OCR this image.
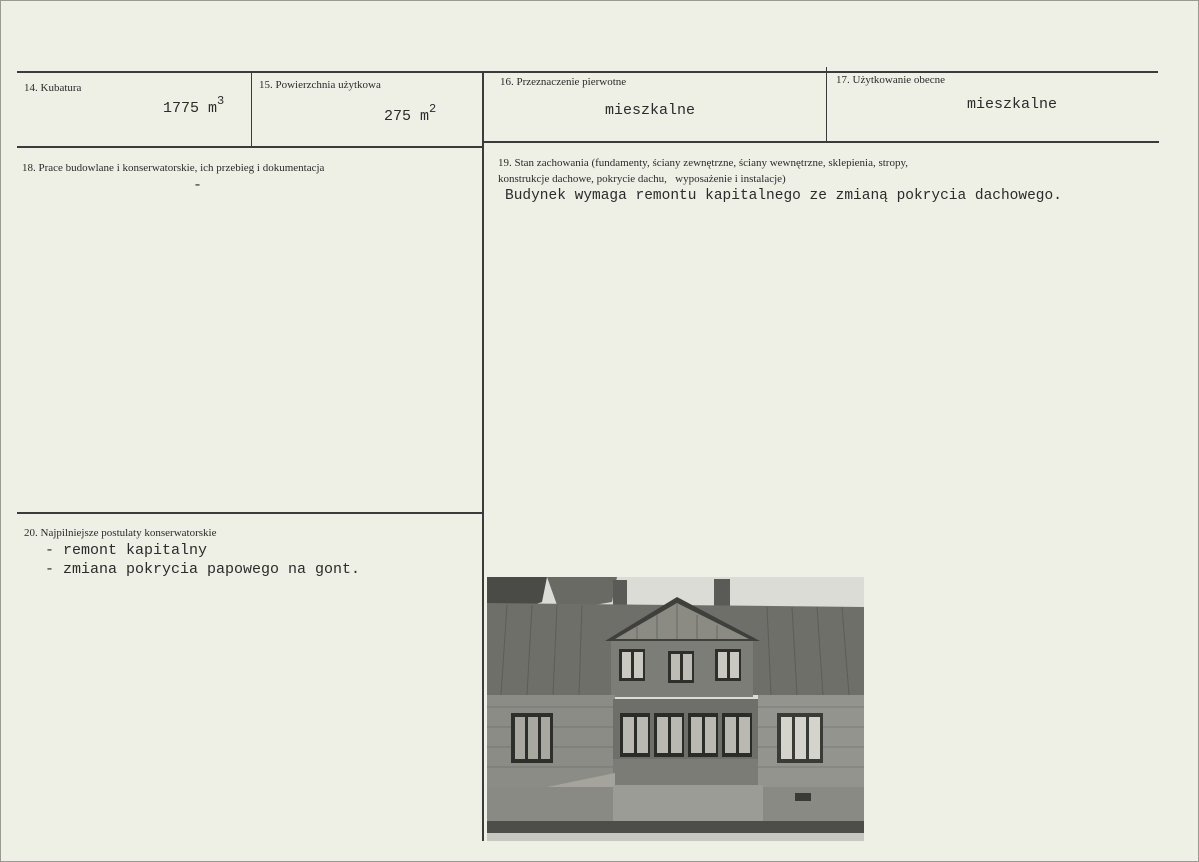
14. Kubatura
1775 $m^3$
15. Powierzchnia użytkowa
275 $m^2$
16. Przeznaczenie pierwotne
mieszkalne
17. Użytkowanie obecne
mieszkalne
18. Prace budowlane i konserwatorskie, ich przebieg i dokumentacja
-
19. Stan zachowania (fundamenty, ściany zewnętrzne, ściany wewnętrzne, sklepienia, stropy,
konstrukcje dachowe, pokrycie dachu,   wyposażenie i instalacje)
Budynek wymaga remontu kapitalnego ze zmianą pokrycia dachowego.
20. Najpilniejsze postulaty konserwatorskie
- remont kapitalny
- zmiana pokrycia papowego na gont.
